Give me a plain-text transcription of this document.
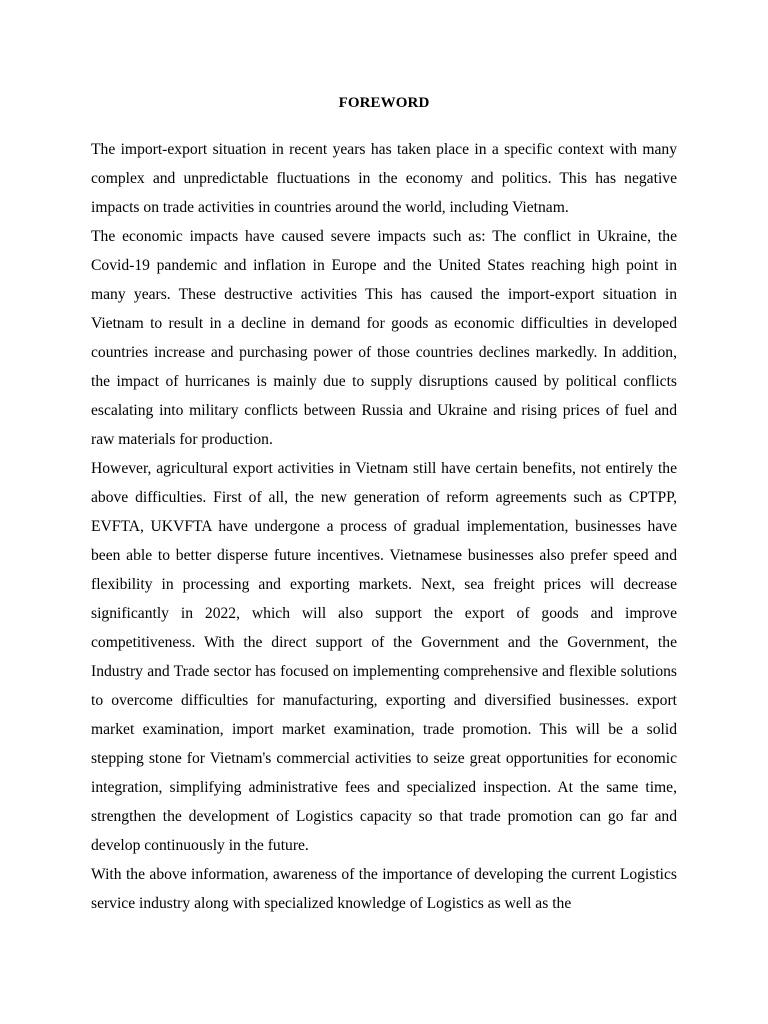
FOREWORD

The import-export situation in recent years has taken place in a specific context with many complex and unpredictable fluctuations in the economy and politics. This has negative impacts on trade activities in countries around the world, including Vietnam.

The economic impacts have caused severe impacts such as: The conflict in Ukraine, the Covid-19 pandemic and inflation in Europe and the United States reaching high point in many years. These destructive activities This has caused the import-export situation in Vietnam to result in a decline in demand for goods as economic difficulties in developed countries increase and purchasing power of those countries declines markedly. In addition, the impact of hurricanes is mainly due to supply disruptions caused by political conflicts escalating into military conflicts between Russia and Ukraine and rising prices of fuel and raw materials for production.

However, agricultural export activities in Vietnam still have certain benefits, not entirely the above difficulties. First of all, the new generation of reform agreements such as CPTPP, EVFTA, UKVFTA have undergone a process of gradual implementation, businesses have been able to better disperse future incentives. Vietnamese businesses also prefer speed and flexibility in processing and exporting markets. Next, sea freight prices will decrease significantly in 2022, which will also support the export of goods and improve competitiveness. With the direct support of the Government and the Government, the Industry and Trade sector has focused on implementing comprehensive and flexible solutions to overcome difficulties for manufacturing, exporting and diversified businesses. export market examination, import market examination, trade promotion. This will be a solid stepping stone for Vietnam's commercial activities to seize great opportunities for economic integration, simplifying administrative fees and specialized inspection. At the same time, strengthen the development of Logistics capacity so that trade promotion can go far and develop continuously in the future.

With the above information, awareness of the importance of developing the current Logistics service industry along with specialized knowledge of Logistics as well as the
